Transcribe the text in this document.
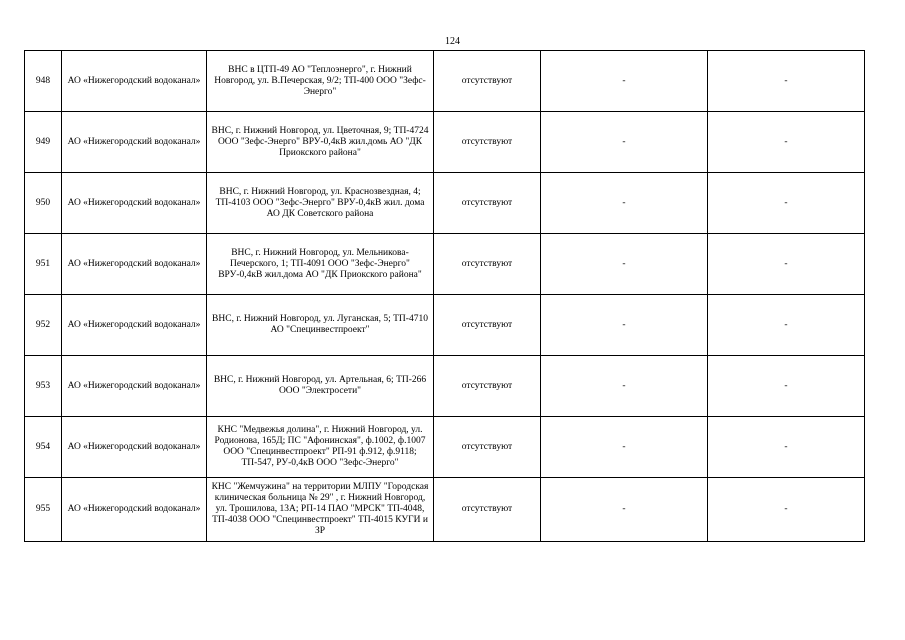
124
948	АО «Нижегородский водоканал»	ВНС в ЦТП-49 АО "Теплоэнерго", г. Нижний Новгород, ул. В.Печерская, 9/2; ТП-400 ООО "Зефс-Энерго"	отсутствуют	-	-
949	АО «Нижегородский водоканал»	ВНС, г. Нижний Новгород, ул. Цветочная, 9; ТП-4724 ООО "Зефс-Энерго" ВРУ-0,4кВ жил.домь АО "ДК Приокского района"	отсутствуют	-	-
950	АО «Нижегородский водоканал»	ВНС, г. Нижний Новгород, ул. Краснозвездная, 4; ТП-4103 ООО "Зефс-Энерго" ВРУ-0,4кВ жил. дома АО ДК Советского района	отсутствуют	-	-
951	АО «Нижегородский водоканал»	ВНС, г. Нижний Новгород, ул. Мельникова-Печерского, 1; ТП-4091 ООО "Зефс-Энерго" ВРУ-0,4кВ жил.дома АО "ДК Приокского района"	отсутствуют	-	-
952	АО «Нижегородский водоканал»	ВНС, г. Нижний Новгород, ул. Луганская, 5; ТП-4710 АО "Специнвестпроект"	отсутствуют	-	-
953	АО «Нижегородский водоканал»	ВНС, г. Нижний Новгород, ул. Артельная, 6; ТП-266 ООО "Электросети"	отсутствуют	-	-
954	АО «Нижегородский водоканал»	КНС "Медвежья долина", г. Нижний Новгород, ул. Родионова, 165Д; ПС "Афонинская", ф.1002, ф.1007 ООО "Специнвестпроект" РП-91 ф.912, ф.9118; ТП-547, РУ-0,4кВ ООО "Зефс-Энерго"	отсутствуют	-	-
955	АО «Нижегородский водоканал»	КНС "Жемчужина" на территории МЛПУ "Городская клиническая больница № 29" , г. Нижний Новгород, ул. Трошилова, 13А; РП-14 ПАО "МРСК" ТП-4048, ТП-4038 ООО "Специнвестпроект" ТП-4015 КУГИ и ЗР	отсутствуют	-	-
